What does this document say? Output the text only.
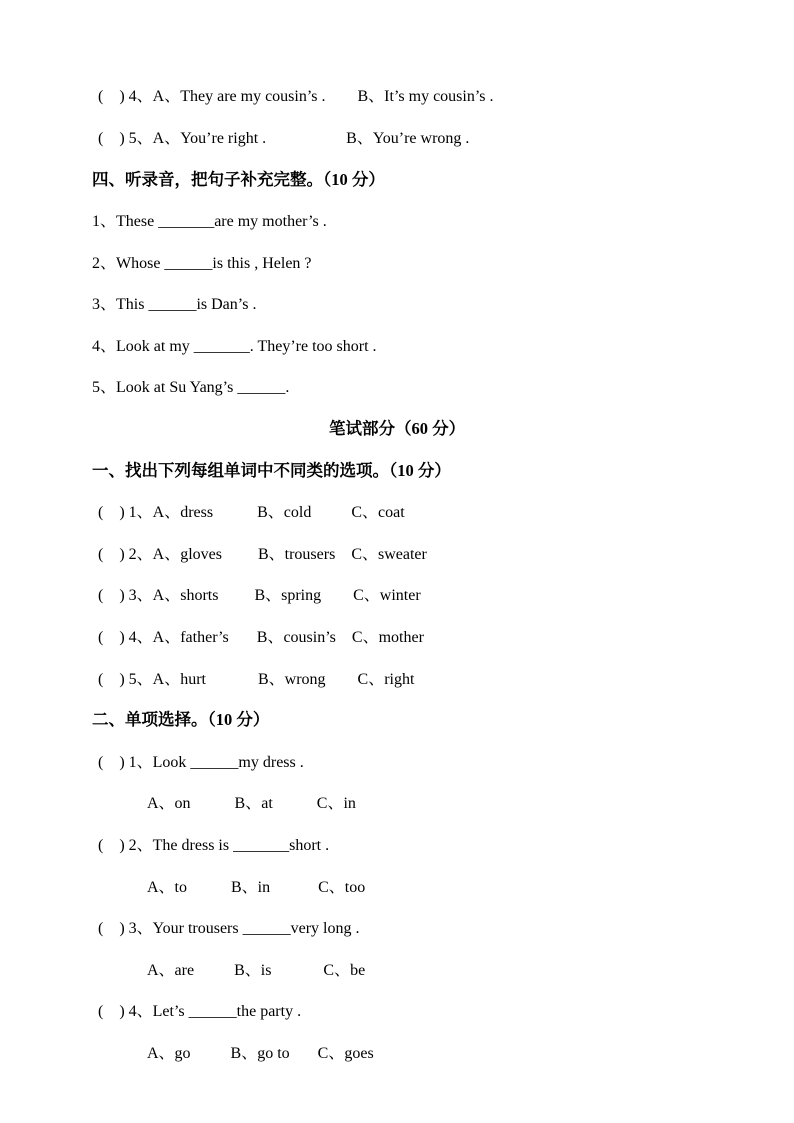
(    ) 4、A、They are my cousin’s .        B、It’s my cousin’s .
(    ) 5、A、You’re right .                    B、You’re wrong .
四、听录音，把句子补充完整。（10 分）
1、These _______are my mother’s .
2、Whose ______is this , Helen ?
3、This ______is Dan’s .
4、Look at my _______. They’re too short .
5、Look at Su Yang’s ______.
笔试部分（60 分）
一、找出下列每组单词中不同类的选项。（10 分）
(    ) 1、A、dress           B、cold          C、coat
(    ) 2、A、gloves         B、trousers    C、sweater
(    ) 3、A、shorts         B、spring        C、winter
(    ) 4、A、father’s       B、cousin’s    C、mother
(    ) 5、A、hurt             B、wrong        C、right
二、单项选择。（10 分）
(    ) 1、Look ______my dress .
A、on           B、at           C、in
(    ) 2、The dress is _______short .
A、to           B、in            C、too
(    ) 3、Your trousers ______very long .
A、are          B、is             C、be
(    ) 4、Let’s ______the party .
A、go          B、go to       C、goes
